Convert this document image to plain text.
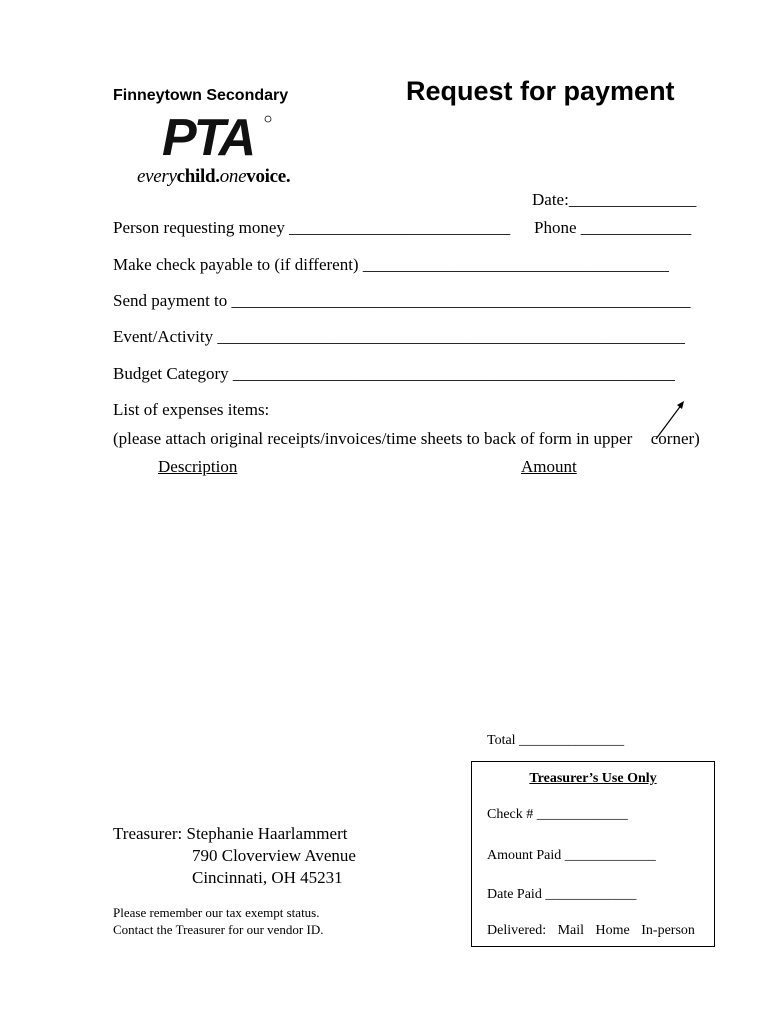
Finneytown Secondary	Request for payment
PTA
everychild.onevoice.
Date:_______________
Person requesting money __________________________ Phone _____________
Make check payable to (if different) ____________________________________
Send payment to ______________________________________________________
Event/Activity _______________________________________________________
Budget Category ____________________________________________________
List of expenses items:
(please attach original receipts/invoices/time sheets to back of form in upper corner)
Description	Amount
Total _______________
Treasurer’s Use Only
Check # _____________
Amount Paid _____________
Date Paid _____________
Delivered: Mail Home In-person
Treasurer: Stephanie Haarlammert
790 Cloverview Avenue
Cincinnati, OH 45231
Please remember our tax exempt status.
Contact the Treasurer for our vendor ID.
